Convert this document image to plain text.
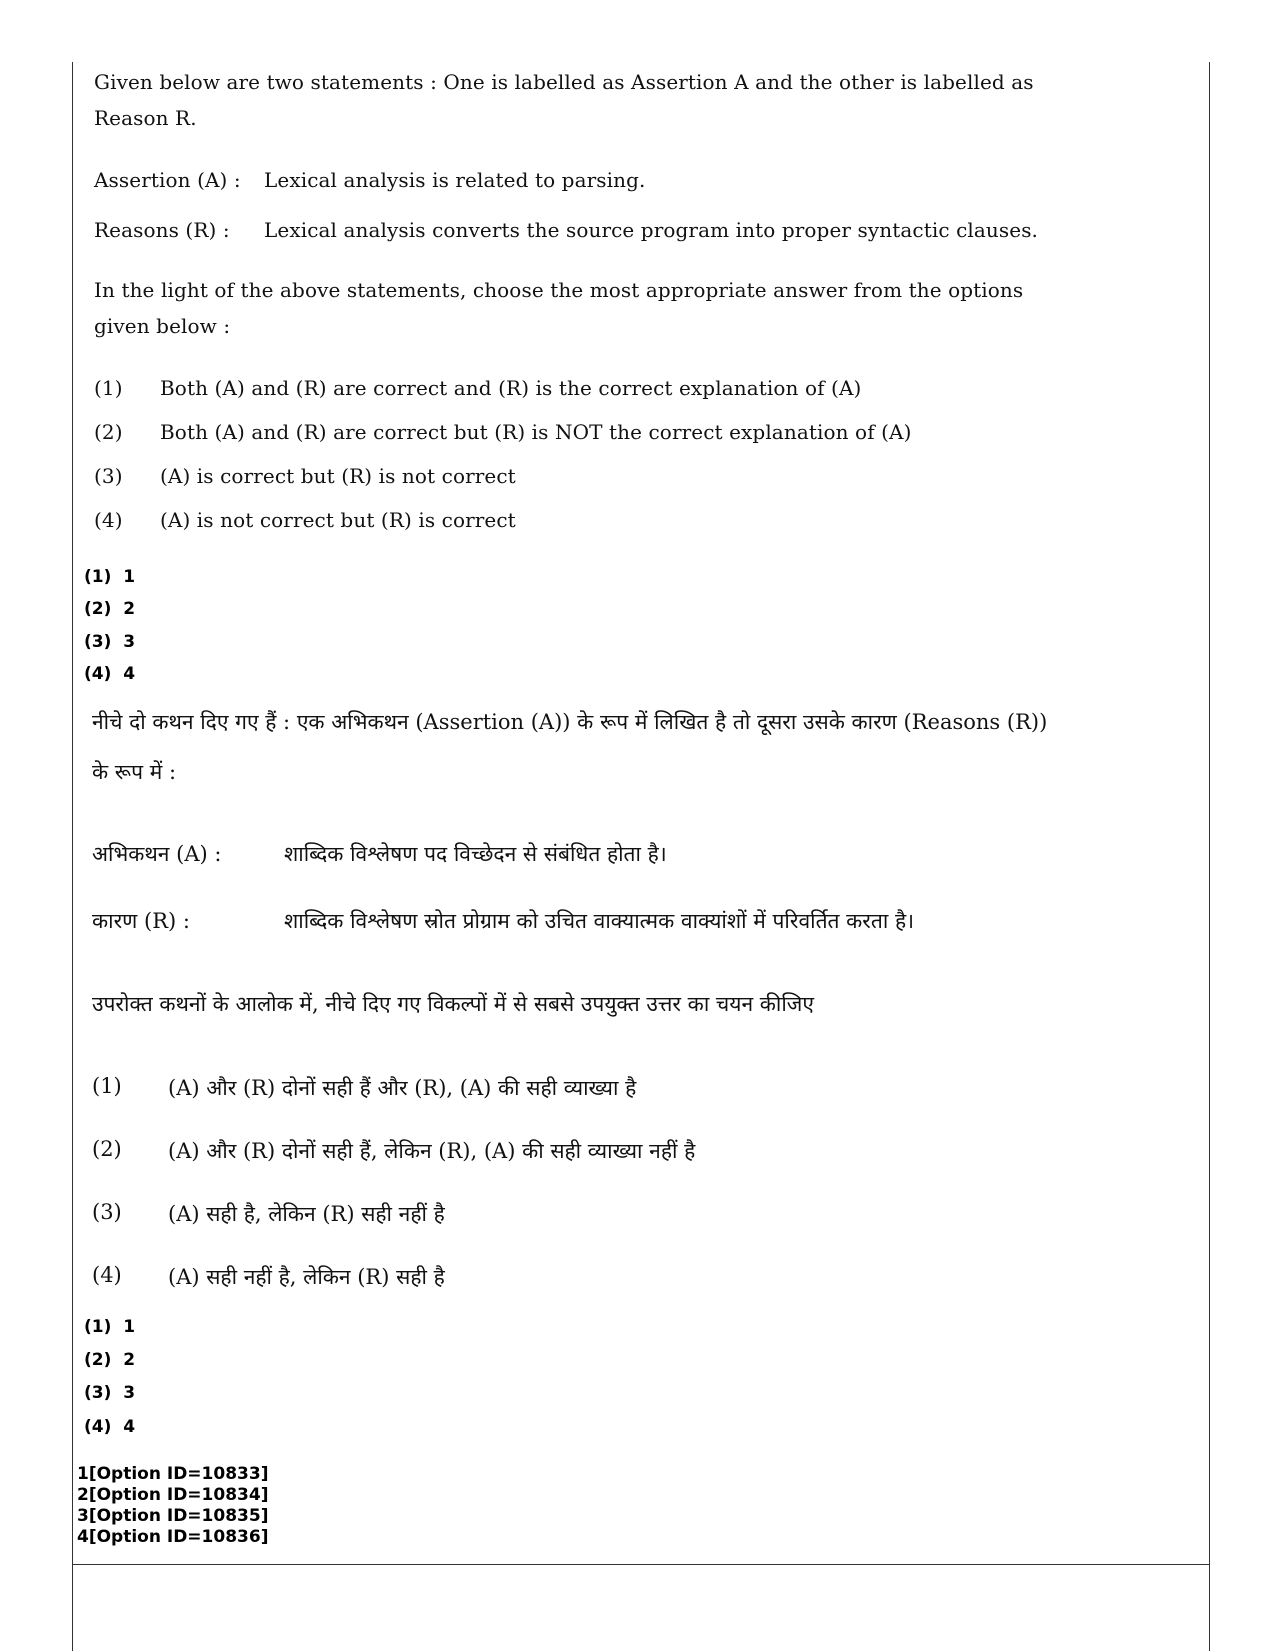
Given below are two statements : One is labelled as Assertion A and the other is labelled as
Reason R.
Assertion (A) : Lexical analysis is related to parsing.
Reasons (R) : Lexical analysis converts the source program into proper syntactic clauses.
In the light of the above statements, choose the most appropriate answer from the options
given below :
(1) Both (A) and (R) are correct and (R) is the correct explanation of (A)
(2) Both (A) and (R) are correct but (R) is NOT the correct explanation of (A)
(3) (A) is correct but (R) is not correct
(4) (A) is not correct but (R) is correct
(1)  1
(2)  2
(3)  3
(4)  4
नीचे दो कथन दिए गए हैं : एक अभिकथन (Assertion (A)) के रूप में लिखित है तो दूसरा उसके कारण (Reasons (R))
के रूप में :
अभिकथन (A) :	शाब्दिक विश्लेषण पद विच्छेदन से संबंधित होता है।
कारण (R) :	शाब्दिक विश्लेषण स्रोत प्रोग्राम को उचित वाक्यात्मक वाक्यांशों में परिवर्तित करता है।
उपरोक्त कथनों के आलोक में, नीचे दिए गए विकल्पों में से सबसे उपयुक्त उत्तर का चयन कीजिए
(1) (A) और (R) दोनों सही हैं और (R), (A) की सही व्याख्या है
(2) (A) और (R) दोनों सही हैं, लेकिन (R), (A) की सही व्याख्या नहीं है
(3) (A) सही है, लेकिन (R) सही नहीं है
(4) (A) सही नहीं है, लेकिन (R) सही है
(1)  1
(2)  2
(3)  3
(4)  4
1[Option ID=10833]
2[Option ID=10834]
3[Option ID=10835]
4[Option ID=10836]
